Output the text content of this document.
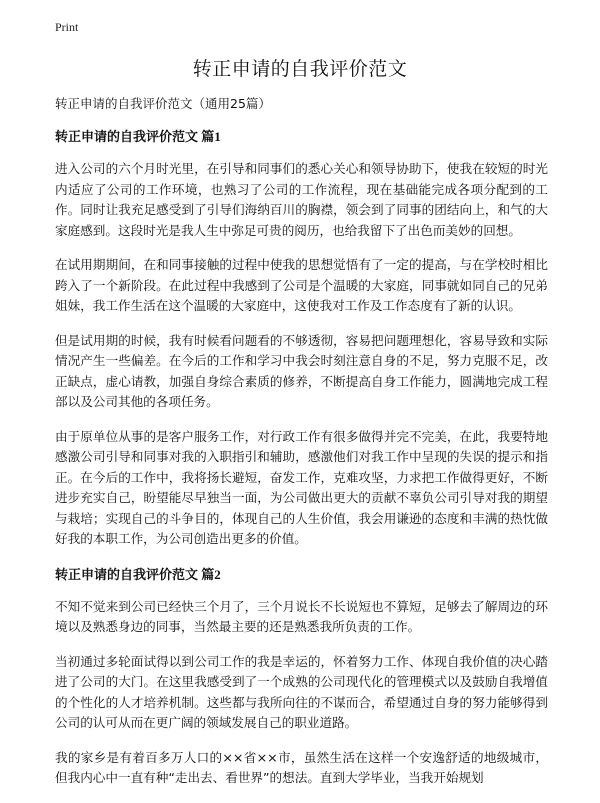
Print
转正申请的自我评价范文

转正申请的自我评价范文（通用25篇）

转正申请的自我评价范文 篇1

进入公司的六个月时光里，在引导和同事们的悉心关心和领导协助下，使我在较短的时光内适应了公司的工作环境，也熟习了公司的工作流程，现在基础能完成各项分配到的工作。同时让我充足感受到了引导们海纳百川的胸襟，领会到了同事的团结向上，和气的大家庭感到。这段时光是我人生中弥足可贵的阅历，也给我留下了出色而美妙的回想。

在试用期期间，在和同事接触的过程中使我的思想觉悟有了一定的提高，与在学校时相比跨入了一个新阶段。在此过程中我感到了公司是个温暖的大家庭，同事就如同自己的兄弟姐妹，我工作生活在这个温暖的大家庭中，这使我对工作及工作态度有了新的认识。

但是试用期的时候，我有时候看问题看的不够透彻，容易把问题理想化，容易导致和实际情况产生一些偏差。在今后的工作和学习中我会时刻注意自身的不足，努力克服不足，改正缺点，虚心请教，加强自身综合素质的修养，不断提高自身工作能力，圆满地完成工程部以及公司其他的各项任务。

由于原单位从事的是客户服务工作，对行政工作有很多做得并完不完美，在此，我要特地感激公司引导和同事对我的入职指引和辅助，感激他们对我工作中呈现的失误的提示和指正。在今后的工作中，我将扬长避短，奋发工作，克难攻坚，力求把工作做得更好，不断进步充实自己，盼望能尽早独当一面，为公司做出更大的贡献不辜负公司引导对我的期望与栽培；实现自己的斗争目的，体现自己的人生价值，我会用谦逊的态度和丰满的热忱做好我的本职工作，为公司创造出更多的价值。

转正申请的自我评价范文 篇2

不知不觉来到公司已经快三个月了，三个月说长不长说短也不算短，足够去了解周边的环境以及熟悉身边的同事，当然最主要的还是熟悉我所负责的工作。

当初通过多轮面试得以到公司工作的我是幸运的，怀着努力工作、体现自我价值的决心踏进了公司的大门。在这里我感受到了一个成熟的公司现代化的管理模式以及鼓励自我增值的个性化的人才培养机制。这些都与我所向往的不谋而合，希望通过自身的努力能够得到公司的认可从而在更广阔的领域发展自己的职业道路。

我的家乡是有着百多万人口的××省××市，虽然生活在这样一个安逸舒适的地级城市，但我内心中一直有种“走出去、看世界”的想法。直到大学毕业，当我开始规划
